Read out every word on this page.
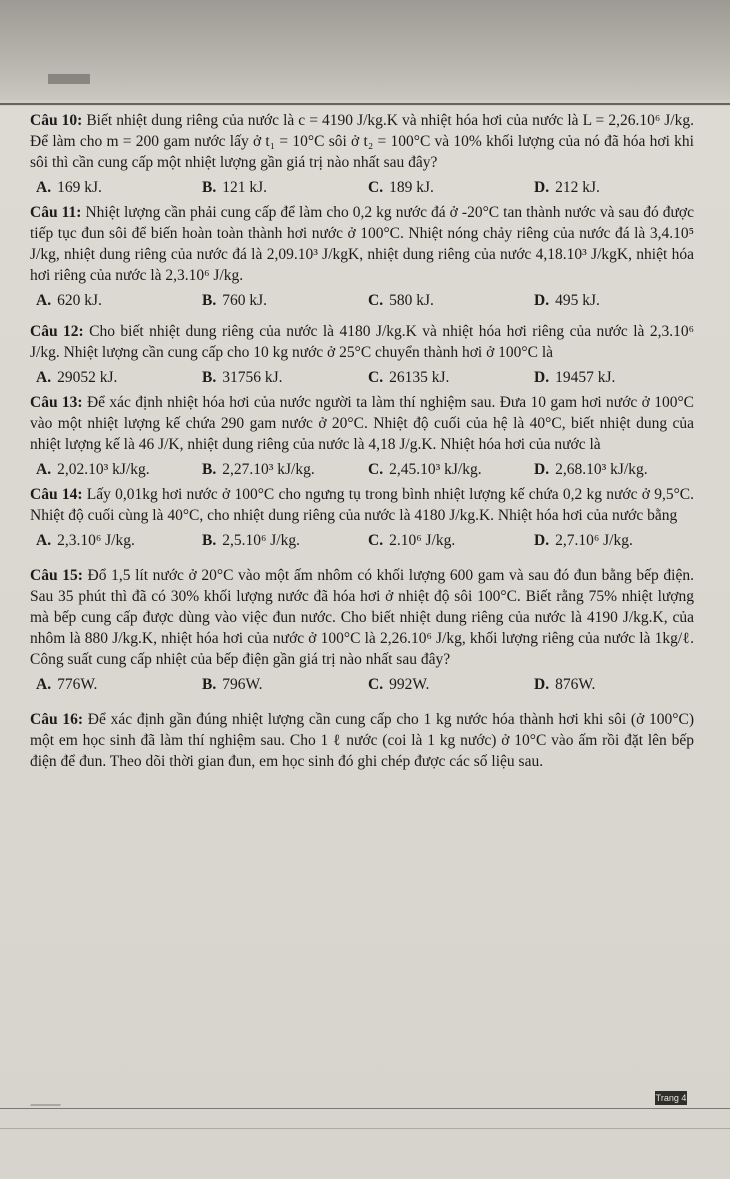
Câu 10: Biết nhiệt dung riêng của nước là c = 4190 J/kg.K và nhiệt hóa hơi của nước là L = 2,26.10⁶ J/kg. Để làm cho m = 200 gam nước lấy ở t₁ = 10°C sôi ở t₂ = 100°C và 10% khối lượng của nó đã hóa hơi khi sôi thì cần cung cấp một nhiệt lượng gần giá trị nào nhất sau đây?

A. 169 kJ.	B. 121 kJ.	C. 189 kJ.	D. 212 kJ.

Câu 11: Nhiệt lượng cần phải cung cấp để làm cho 0,2 kg nước đá ở -20°C tan thành nước và sau đó được tiếp tục đun sôi để biến hoàn toàn thành hơi nước ở 100°C. Nhiệt nóng chảy riêng của nước đá là 3,4.10⁵ J/kg, nhiệt dung riêng của nước đá là 2,09.10³ J/kgK, nhiệt dung riêng của nước 4,18.10³ J/kgK, nhiệt hóa hơi riêng của nước là 2,3.10⁶ J/kg.

A. 620 kJ.	B. 760 kJ.	C. 580 kJ.	D. 495 kJ.

Câu 12: Cho biết nhiệt dung riêng của nước là 4180 J/kg.K và nhiệt hóa hơi riêng của nước là 2,3.10⁶ J/kg. Nhiệt lượng cần cung cấp cho 10 kg nước ở 25°C chuyển thành hơi ở 100°C là

A. 29052 kJ.	B. 31756 kJ.	C. 26135 kJ.	D. 19457 kJ.

Câu 13: Để xác định nhiệt hóa hơi của nước người ta làm thí nghiệm sau. Đưa 10 gam hơi nước ở 100°C vào một nhiệt lượng kế chứa 290 gam nước ở 20°C. Nhiệt độ cuối của hệ là 40°C, biết nhiệt dung của nhiệt lượng kế là 46 J/K, nhiệt dung riêng của nước là 4,18 J/g.K. Nhiệt hóa hơi của nước là

A. 2,02.10³ kJ/kg.	B. 2,27.10³ kJ/kg.	C. 2,45.10³ kJ/kg.	D. 2,68.10³ kJ/kg.

Câu 14: Lấy 0,01kg hơi nước ở 100°C cho ngưng tụ trong bình nhiệt lượng kế chứa 0,2 kg nước ở 9,5°C. Nhiệt độ cuối cùng là 40°C, cho nhiệt dung riêng của nước là 4180 J/kg.K. Nhiệt hóa hơi của nước bằng

A. 2,3.10⁶ J/kg.	B. 2,5.10⁶ J/kg.	C. 2.10⁶ J/kg.	D. 2,7.10⁶ J/kg.

Câu 15: Đổ 1,5 lít nước ở 20°C vào một ấm nhôm có khối lượng 600 gam và sau đó đun bằng bếp điện. Sau 35 phút thì đã có 30% khối lượng nước đã hóa hơi ở nhiệt độ sôi 100°C. Biết rằng 75% nhiệt lượng mà bếp cung cấp được dùng vào việc đun nước. Cho biết nhiệt dung riêng của nước là 4190 J/kg.K, của nhôm là 880 J/kg.K, nhiệt hóa hơi của nước ở 100°C là 2,26.10⁶ J/kg, khối lượng riêng của nước là 1kg/ℓ. Công suất cung cấp nhiệt của bếp điện gần giá trị nào nhất sau đây?

A. 776W.	B. 796W.	C. 992W.	D. 876W.

Câu 16: Để xác định gần đúng nhiệt lượng cần cung cấp cho 1 kg nước hóa thành hơi khi sôi (ở 100°C) một em học sinh đã làm thí nghiệm sau. Cho 1 ℓ nước (coi là 1 kg nước) ở 10°C vào ấm rồi đặt lên bếp điện để đun. Theo dõi thời gian đun, em học sinh đó ghi chép được các số liệu sau.

Trang 4
